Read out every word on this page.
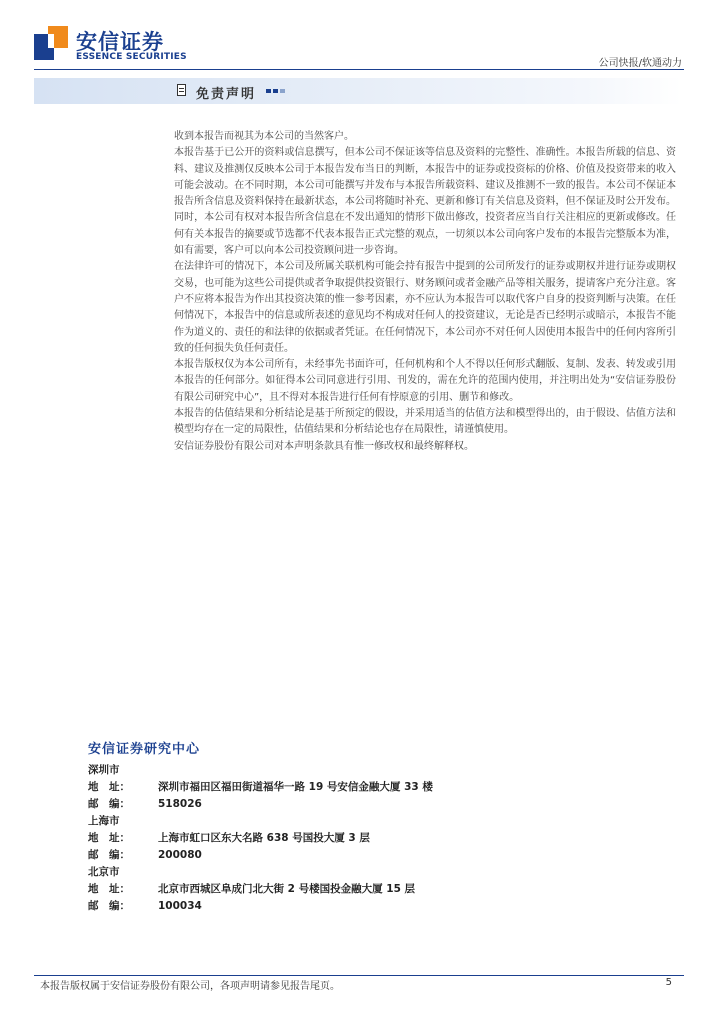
安信证券
ESSENCE SECURITIES
公司快报/软通动力
免责声明

收到本报告而视其为本公司的当然客户。

本报告基于已公开的资料或信息撰写，但本公司不保证该等信息及资料的完整性、准确性。本报告所载的信息、资料、建议及推测仅反映本公司于本报告发布当日的判断，本报告中的证券或投资标的价格、价值及投资带来的收入可能会波动。在不同时期，本公司可能撰写并发布与本报告所载资料、建议及推测不一致的报告。本公司不保证本报告所含信息及资料保持在最新状态，本公司将随时补充、更新和修订有关信息及资料，但不保证及时公开发布。同时，本公司有权对本报告所含信息在不发出通知的情形下做出修改，投资者应当自行关注相应的更新或修改。任何有关本报告的摘要或节选都不代表本报告正式完整的观点，一切须以本公司向客户发布的本报告完整版本为准，如有需要，客户可以向本公司投资顾问进一步咨询。

在法律许可的情况下，本公司及所属关联机构可能会持有报告中提到的公司所发行的证券或期权并进行证券或期权交易，也可能为这些公司提供或者争取提供投资银行、财务顾问或者金融产品等相关服务，提请客户充分注意。客户不应将本报告为作出其投资决策的惟一参考因素，亦不应认为本报告可以取代客户自身的投资判断与决策。在任何情况下，本报告中的信息或所表述的意见均不构成对任何人的投资建议，无论是否已经明示或暗示，本报告不能作为道义的、责任的和法律的依据或者凭证。在任何情况下，本公司亦不对任何人因使用本报告中的任何内容所引致的任何损失负任何责任。

本报告版权仅为本公司所有，未经事先书面许可，任何机构和个人不得以任何形式翻版、复制、发表、转发或引用本报告的任何部分。如征得本公司同意进行引用、刊发的，需在允许的范围内使用，并注明出处为“安信证券股份有限公司研究中心”，且不得对本报告进行任何有悖原意的引用、删节和修改。

本报告的估值结果和分析结论是基于所预定的假设，并采用适当的估值方法和模型得出的，由于假设、估值方法和模型均存在一定的局限性，估值结果和分析结论也存在局限性，请谨慎使用。

安信证券股份有限公司对本声明条款具有惟一修改权和最终解释权。

安信证券研究中心
深圳市
地　址：	深圳市福田区福田街道福华一路 19 号安信金融大厦 33 楼
邮　编：	518026
上海市
地　址：	上海市虹口区东大名路 638 号国投大厦 3 层
邮　编：	200080
北京市
地　址：	北京市西城区阜成门北大街 2 号楼国投金融大厦 15 层
邮　编：	100034
本报告版权属于安信证券股份有限公司，各项声明请参见报告尾页。	5
